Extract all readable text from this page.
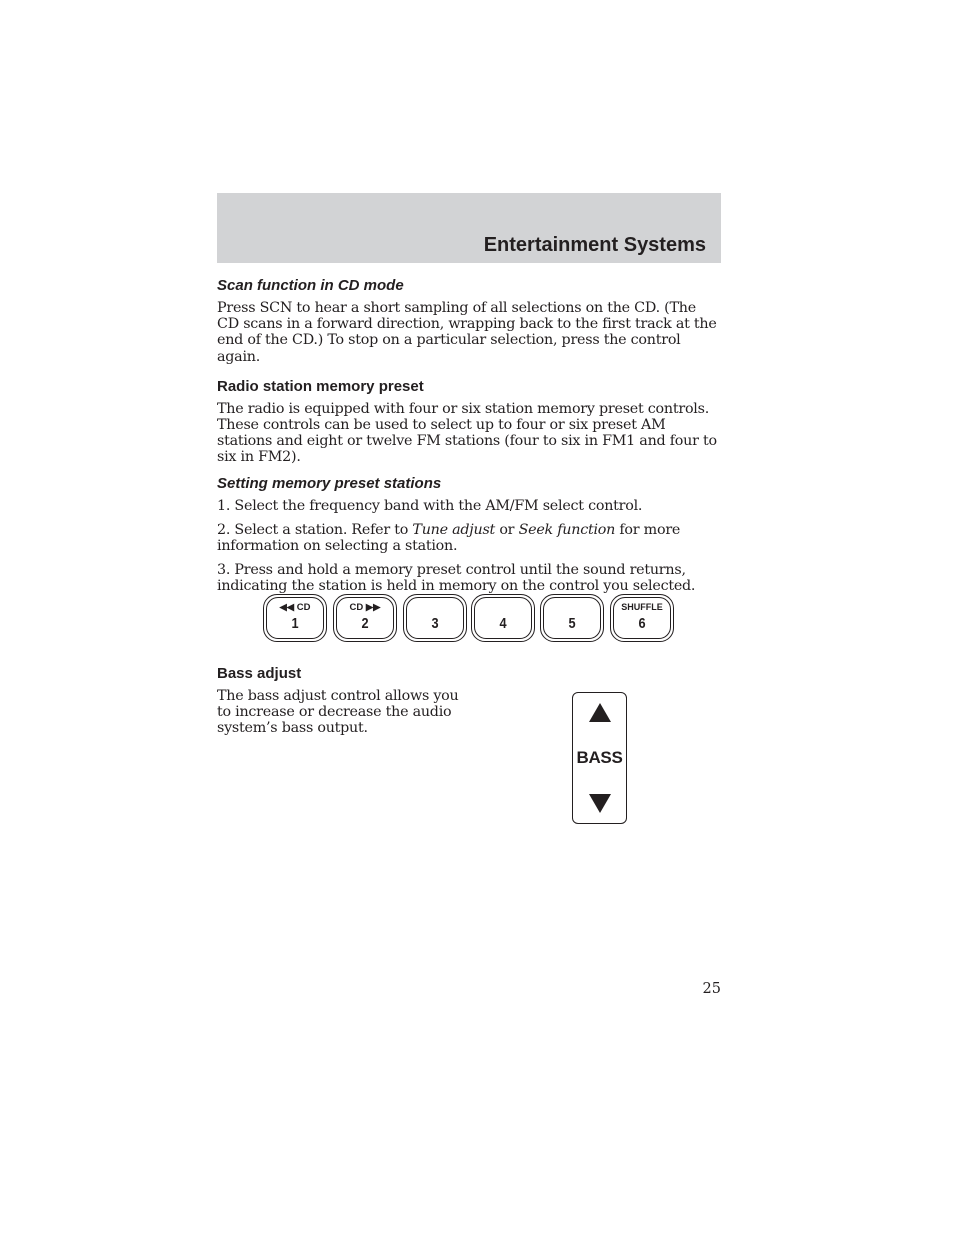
Entertainment Systems
Scan function in CD mode

Press SCN to hear a short sampling of all selections on the CD. (The CD scans in a forward direction, wrapping back to the first track at the end of the CD.) To stop on a particular selection, press the control again.

Radio station memory preset

The radio is equipped with four or six station memory preset controls. These controls can be used to select up to four or six preset AM stations and eight or twelve FM stations (four to six in FM1 and four to six in FM2).

Setting memory preset stations

1. Select the frequency band with the AM/FM select control.

2. Select a station. Refer to Tune adjust or Seek function for more information on selecting a station.

3. Press and hold a memory preset control until the sound returns, indicating the station is held in memory on the control you selected.

◀◀ CD
1
CD ▶▶
2	3	4	5
SHUFFLE
6
Bass adjust

The bass adjust control allows you to increase or decrease the audio system’s bass output.

BASS
25
